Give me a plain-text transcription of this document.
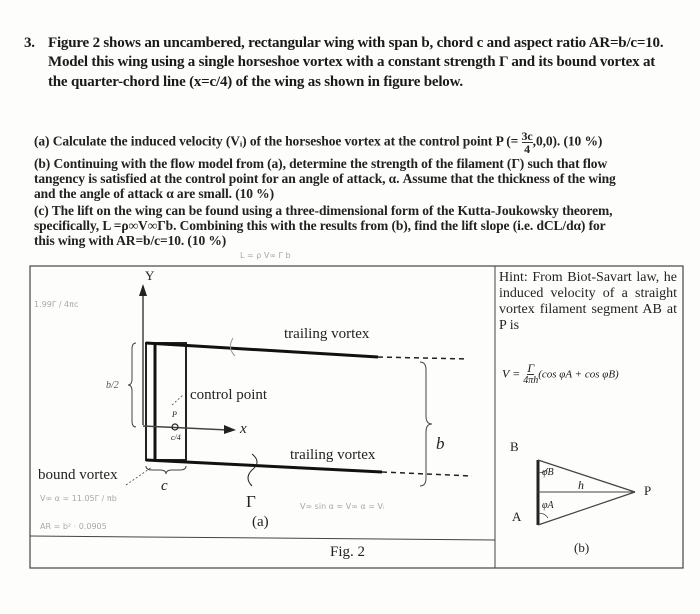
3. Figure 2 shows an uncambered, rectangular wing with span b, chord c and aspect ratio AR=b/c=10.
Model this wing using a single horseshoe vortex with a constant strength Γ and its bound vortex at
the quarter-chord line (x=c/4) of the wing as shown in figure below.
(a) Calculate the induced velocity (Vᵢ) of the horseshoe vortex at the control point P (= $\frac{3c}{4} ,0,0$). (10 %)
(b) Continuing with the flow model from (a), determine the strength of the filament (Γ) such that flow
tangency is satisfied at the control point for an angle of attack, α. Assume that the thickness of the wing
and the angle of attack α are small. (10 %)
(c) The lift on the wing can be found using a three-dimensional form of the Kutta-Joukowsky theorem,
specifically, L =ρ∞V∞Γb. Combining this with the results from (b), find the lift slope (i.e. dCL/dα) for
this wing with AR=b/c=10. (10 %)
Y
x
trailing vortex
trailing vortex
control point
bound vortex
b
c
b/2
P
c/4
Γ
(a)
Fig. 2
L = ρ V∞ Γ b
V∞ α = 11.05Γ / πb
V∞ sin α ≈ V∞ α = Vᵢ
AR = b² · 0.0905
1.99Γ / 4πc
Hint: From Biot-Savart law, he induced velocity of a straight vortex filament segment AB at P is
$V = \frac{\Gamma}{4\pi h} (\cos$ φA + cos φB)
B
A
P
h
φB
φA
(b)
